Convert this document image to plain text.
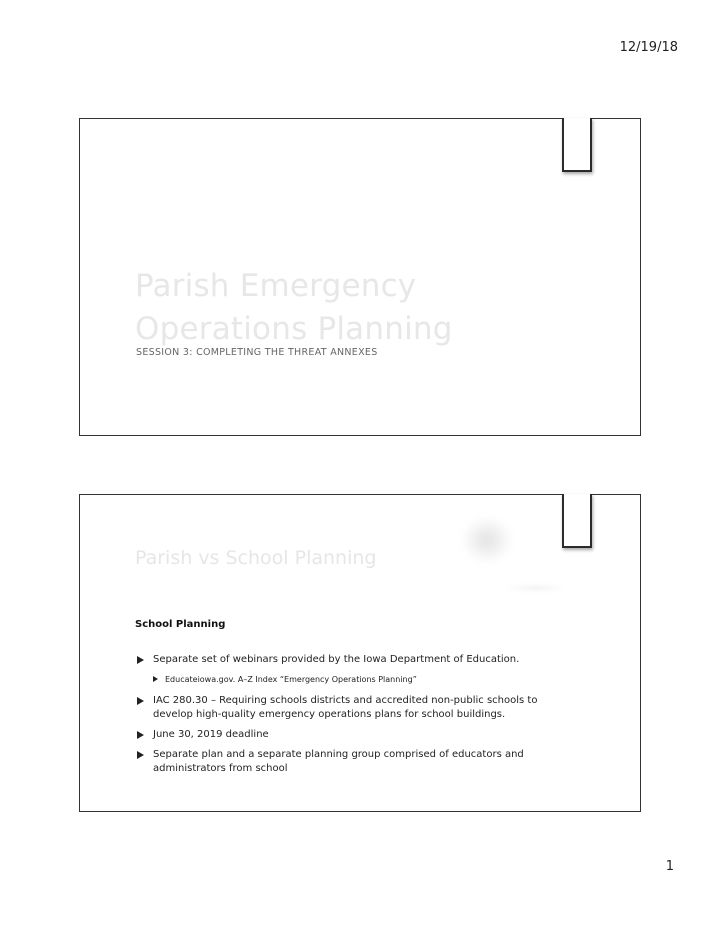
12/19/18
Parish Emergency
Operations Planning

SESSION 3: COMPLETING THE THREAT ANNEXES

Parish vs School Planning

School Planning

Separate set of webinars provided by the Iowa Department of Education.
Educateiowa.gov. A–Z Index “Emergency Operations Planning”
IAC 280.30 – Requiring schools districts and accredited non-public schools to develop high-quality emergency operations plans for school buildings.
June 30, 2019 deadline
Separate plan and a separate planning group comprised of educators and administrators from school
1
